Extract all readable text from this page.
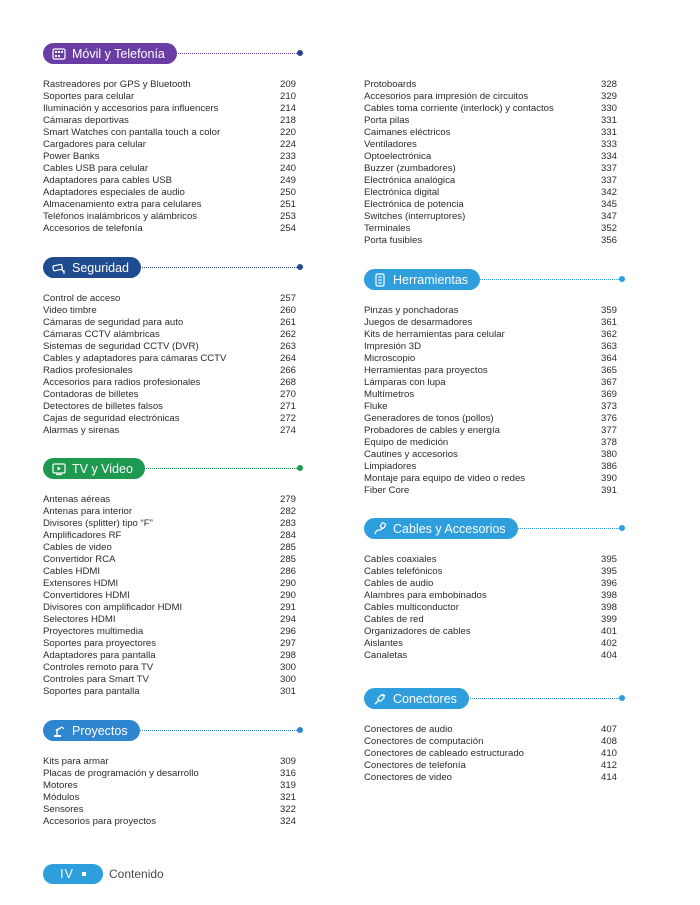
Móvil y Telefonía
Rastreadores por GPS y Bluetooth	209
Soportes para celular	210
Iluminación y accesorios para influencers	214
Cámaras deportivas	218
Smart Watches con pantalla touch a color	220
Cargadores para celular	224
Power Banks	233
Cables USB para celular	240
Adaptadores para cables USB	249
Adaptadores especiales de audio	250
Almacenamiento extra para celulares	251
Teléfonos inalámbricos y alámbricos	253
Accesorios de telefonía	254
Seguridad
Control de acceso	257
Video timbre	260
Cámaras de seguridad para auto	261
Cámaras CCTV alámbricas	262
Sistemas de seguridad CCTV (DVR)	263
Cables y adaptadores para cámaras CCTV	264
Radios profesionales	266
Accesorios para radios profesionales	268
Contadoras de billetes	270
Detectores de billetes falsos	271
Cajas de seguridad electrónicas	272
Alarmas y sirenas	274
TV y Video
Antenas aéreas	279
Antenas para interior	282
Divisores (splitter) tipo “F”	283
Amplificadores RF	284
Cables de video	285
Convertidor RCA	285
Cables HDMI	286
Extensores HDMI	290
Convertidores HDMI	290
Divisores con amplificador HDMI	291
Selectores HDMI	294
Proyectores multimedia	296
Soportes para proyectores	297
Adaptadores para pantalla	298
Controles remoto para TV	300
Controles para Smart TV	300
Soportes para pantalla	301
Proyectos
Kits para armar	309
Placas de programación y desarrollo	316
Motores	319
Módulos	321
Sensores	322
Accesorios para proyectos	324
Protoboards	328
Accesorios para impresión de circuitos	329
Cables toma corriente (interlock) y contactos	330
Porta pilas	331
Caimanes eléctricos	331
Ventiladores	333
Optoelectrónica	334
Buzzer (zumbadores)	337
Electrónica analógica	337
Electrónica digital	342
Electrónica de potencia	345
Switches (interruptores)	347
Terminales	352
Porta fusibles	356
Herramientas
Pinzas y ponchadoras	359
Juegos de desarmadores	361
Kits de herramientas para celular	362
Impresión 3D	363
Microscopio	364
Herramientas para proyectos	365
Lámparas con lupa	367
Multímetros	369
Fluke	373
Generadores de tonos (pollos)	376
Probadores de cables y energía	377
Equipo de medición	378
Cautines y accesorios	380
Limpiadores	386
Montaje para equipo de video o redes	390
Fiber Core	391
Cables y Accesorios
Cables coaxiales	395
Cables telefónicos	395
Cables de audio	396
Alambres para embobinados	398
Cables multiconductor	398
Cables de red	399
Organizadores de cables	401
Aislantes	402
Canaletas	404
Conectores
Conectores de audio	407
Conectores de computación	408
Conectores de cableado estructurado	410
Conectores de telefonía	412
Conectores de video	414
IV	Contenido
